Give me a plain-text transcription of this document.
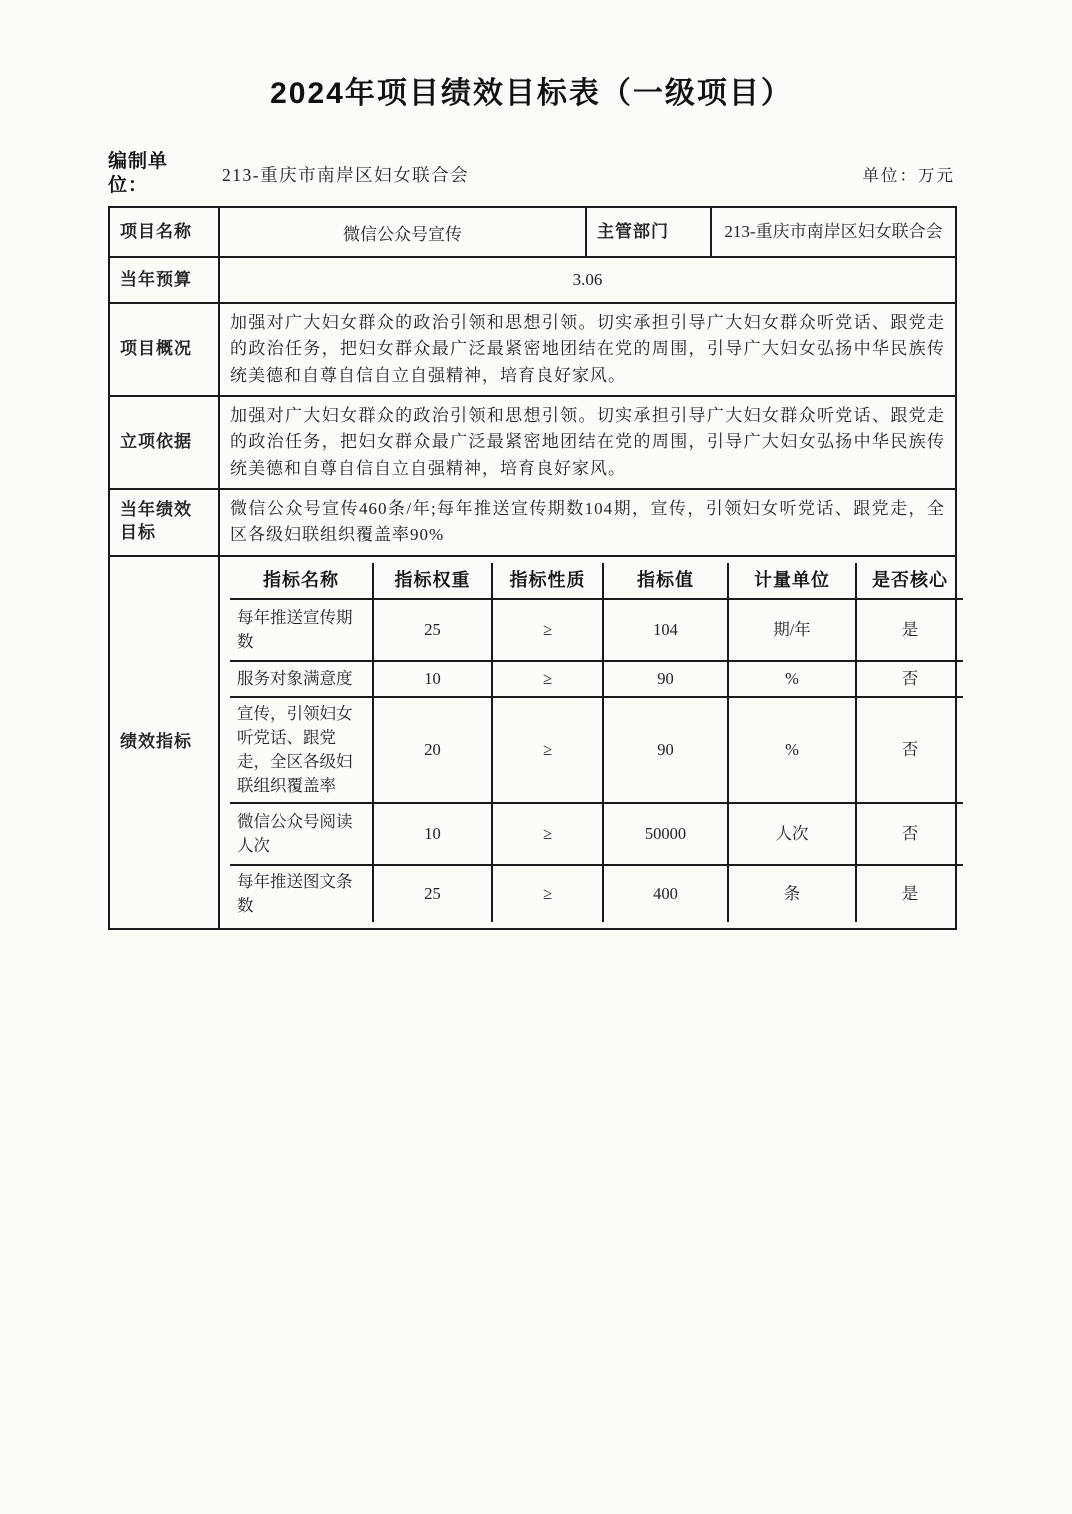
2024年项目绩效目标表（一级项目）
编制单位：
213-重庆市南岸区妇女联合会	单位：万元
项目名称	微信公众号宣传	主管部门	213-重庆市南岸区妇女联合会
当年预算	3.06
项目概况	加强对广大妇女群众的政治引领和思想引领。切实承担引导广大妇女群众听党话、跟党走的政治任务，把妇女群众最广泛最紧密地团结在党的周围，引导广大妇女弘扬中华民族传统美德和自尊自信自立自强精神，培育良好家风。
立项依据	加强对广大妇女群众的政治引领和思想引领。切实承担引导广大妇女群众听党话、跟党走的政治任务，把妇女群众最广泛最紧密地团结在党的周围，引导广大妇女弘扬中华民族传统美德和自尊自信自立自强精神，培育良好家风。
当年绩效目标	微信公众号宣传460条/年;每年推送宣传期数104期，宣传，引领妇女听党话、跟党走，全区各级妇联组织覆盖率90%
绩效指标	
指标名称	指标权重	指标性质	指标值	计量单位	是否核心
每年推送宣传期数	25	≥	104	期/年	是
服务对象满意度	10	≥	90	%	否
宣传，引领妇女听党话、跟党走，全区各级妇联组织覆盖率	20	≥	90	%	否
微信公众号阅读人次	10	≥	50000	人次	否
每年推送图文条数	25	≥	400	条	是
